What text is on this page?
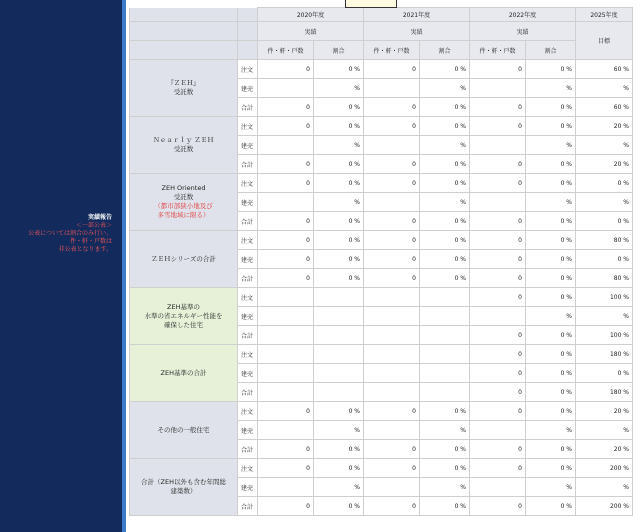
実績報告
＜一部公表＞
公表については割合のみ行い、
件・軒・戸数は
非公表となります。
		2020年度		2021年度		2022年度		2025年度
		実績		実績		実績		目標
		件・軒・戸数	割合	件・軒・戸数	割合	件・軒・戸数	割合	

『ＺＥＨ』
受託数	注文	0	0 %	0	0 %	0	0 %	60 %
	建売		%		%		%	%
	合計	0	0 %	0	0 %	0	0 %	60 %

Ｎｅａｒｌｙ ＺＥＨ
受託数	注文	0	0 %	0	0 %	0	0 %	20 %
	建売		%		%		%	%
	合計	0	0 %	0	0 %	0	0 %	20 %

ZEH Oriented
受託数
（都市部狭小地及び
多雪地域に限る）	注文	0	0 %	0	0 %	0	0 %	0 %
	建売		%		%		%	%
	合計	0	0 %	0	0 %	0	0 %	0 %

ＺＥＨシリーズの合計	注文	0	0 %	0	0 %	0	0 %	80 %
	建売	0	0 %	0	0 %	0	0 %	0 %
	合計	0	0 %	0	0 %	0	0 %	80 %

ZEH基準の
水準の省エネルギー性能を
確保した住宅	注文					0	0 %	100 %
	建売						%	%
	合計					0	0 %	100 %

ZEH基準の合計	注文					0	0 %	180 %
	建売					0	0 %	0 %
	合計					0	0 %	180 %

その他の一般住宅	注文	0	0 %	0	0 %	0	0 %	20 %
	建売		%		%		%	%
	合計	0	0 %	0	0 %	0	0 %	20 %

合計（ZEH以外も含む年間総
建築数）	注文	0	0 %	0	0 %	0	0 %	200 %
	建売		%		%		%	%
	合計	0	0 %	0	0 %	0	0 %	200 %
